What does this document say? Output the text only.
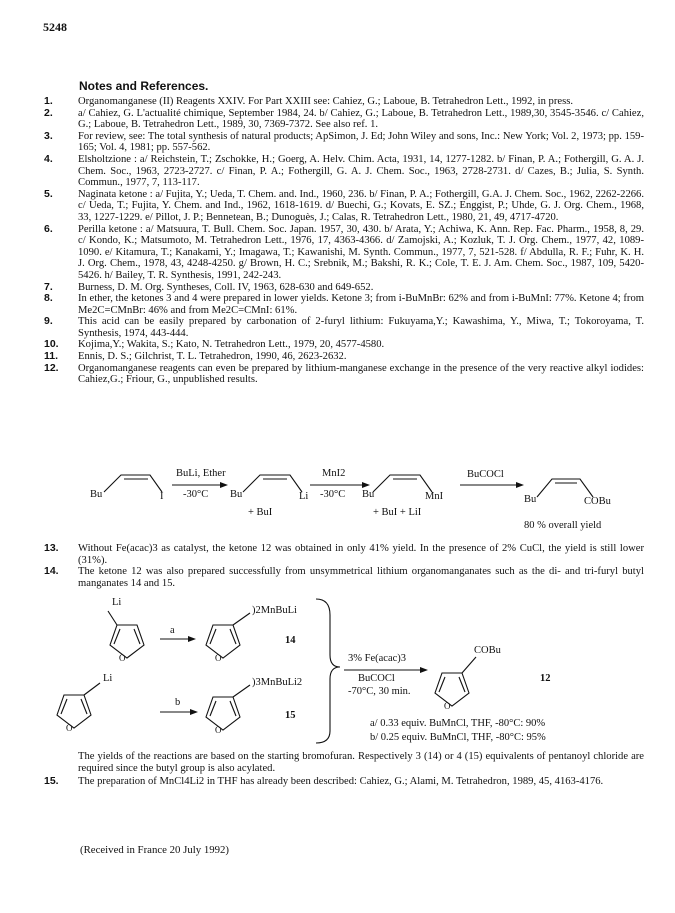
5248
Notes and References.
1.	Organomanganese (II) Reagents XXIV. For Part XXIII see: Cahiez, G.; Laboue, B. Tetrahedron Lett., 1992, in press.
2.	a/ Cahiez, G. L'actualité chimique, September 1984, 24. b/ Cahiez, G.; Laboue, B. Tetrahedron Lett., 1989,30, 3545-3546. c/ Cahiez, G.; Laboue, B. Tetrahedron Lett., 1989, 30, 7369-7372. See also ref. 1.
3.	For review, see: The total synthesis of natural products; ApSimon, J. Ed; John Wiley and sons, Inc.: New York; Vol. 2, 1973; pp. 159-165; Vol. 4, 1981; pp. 557-562.
4.	Elsholtzione : a/ Reichstein, T.; Zschokke, H.; Goerg, A. Helv. Chim. Acta, 1931, 14, 1277-1282. b/ Finan, P. A.; Fothergill, G. A. J. Chem. Soc., 1963, 2723-2727. c/ Finan, P. A.; Fothergill, G. A. J. Chem. Soc., 1963, 2728-2731. d/ Cazes, B.; Julia, S. Synth. Commun., 1977, 7, 113-117.
5.	Naginata ketone : a/ Fujita, Y.; Ueda, T. Chem. and. Ind., 1960, 236. b/ Finan, P. A.; Fothergill, G.A. J. Chem. Soc., 1962, 2262-2266. c/ Ueda, T.; Fujita, Y. Chem. and Ind., 1962, 1618-1619. d/ Buechi, G.; Kovats, E. SZ.; Enggist, P.; Uhde, G. J. Org. Chem., 1968, 33, 1227-1229. e/ Pillot, J. P.; Bennetean, B.; Dunoguès, J.; Calas, R. Tetrahedron Lett., 1980, 21, 49, 4717-4720.
6.	Perilla ketone : a/ Matsuura, T. Bull. Chem. Soc. Japan. 1957, 30, 430. b/ Arata, Y.; Achiwa, K. Ann. Rep. Fac. Pharm., 1958, 8, 29. c/ Kondo, K.; Matsumoto, M. Tetrahedron Lett., 1976, 17, 4363-4366. d/ Zamojski, A.; Kozluk, T. J. Org. Chem., 1977, 42, 1089-1090. e/ Kitamura, T.; Kanakami, Y.; Imagawa, T.; Kawanishi, M. Synth. Commun., 1977, 7, 521-528. f/ Abdulla, R. F.; Fuhr, K. H. J. Org. Chem., 1978, 43, 4248-4250. g/ Brown, H. C.; Srebnik, M.; Bakshi, R. K.; Cole, T. E. J. Am. Chem. Soc., 1987, 109, 5420-5426. h/ Bailey, T. R. Synthesis, 1991, 242-243.
7.	Burness, D. M. Org. Syntheses, Coll. IV, 1963, 628-630 and 649-652.
8.	In ether, the ketones 3 and 4 were prepared in lower yields. Ketone 3; from i-BuMnBr: 62% and from i-BuMnI: 77%. Ketone 4; from Me2C=CMnBr: 46% and from Me2C=CMnI: 61%.
9.	This acid can be easily prepared by carbonation of 2-furyl lithium: Fukuyama,Y.; Kawashima, Y., Miwa, T.; Tokoroyama, T. Synthesis, 1974, 443-444.
10.	Kojima,Y.; Wakita, S.; Kato, N. Tetrahedron Lett., 1979, 20, 4577-4580.
11.	Ennis, D. S.; Gilchrist, T. L. Tetrahedron, 1990, 46, 2623-2632.
12.	Organomanganese reagents can even be prepared by lithium-manganese exchange in the presence of the very reactive alkyl iodides: Cahiez,G.; Friour, G., unpublished results.
Bu	I
BuLi, Ether
-30°C Bu	Li
+ BuI
MnI2
-30°C Bu	MnI
+ BuI + LiI
BuCOCl
Bu	COBu
80 % overall yield
13.	Without Fe(acac)3 as catalyst, the ketone 12 was obtained in only 41% yield. In the presence of 2% CuCl, the yield is still lower (31%).
14.	The ketone 12 was also prepared successfully from unsymmetrical lithium organomanganates such as the di- and tri-furyl butyl manganates 14 and 15.
Li
O
a
O
)2MnBuLi
14
Li
O
b
O
)3MnBuLi2
15
3% Fe(acac)3
BuCOCl
-70°C, 30 min.
COBu
O
12
a/ 0.33 equiv. BuMnCl, THF, -80°C: 90%
b/ 0.25 equiv. BuMnCl, THF, -80°C: 95%
The yields of the reactions are based on the starting bromofuran. Respectively 3 (14) or 4 (15) equivalents of pentanoyl chloride are required since the butyl group is also acylated.
15.	The preparation of MnCl4Li2 in THF has already been described: Cahiez, G.; Alami, M. Tetrahedron, 1989, 45, 4163-4176.
(Received in France 20 July 1992)
